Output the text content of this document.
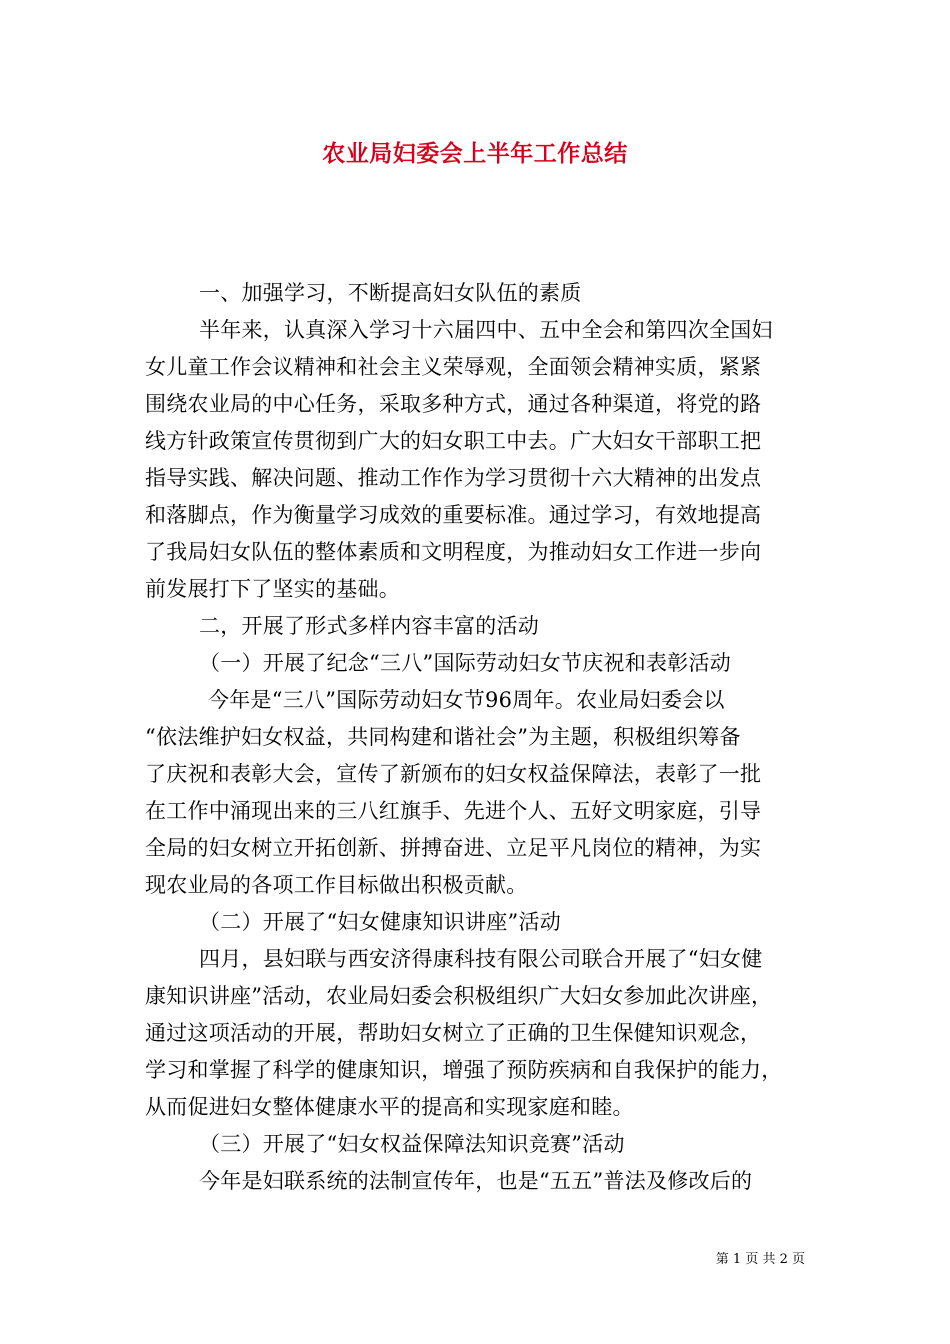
农业局妇委会上半年工作总结
一、加强学习，不断提高妇女队伍的素质
半年来，认真深入学习十六届四中、五中全会和第四次全国妇
女儿童工作会议精神和社会主义荣辱观，全面领会精神实质，紧紧
围绕农业局的中心任务，采取多种方式，通过各种渠道，将党的路
线方针政策宣传贯彻到广大的妇女职工中去。广大妇女干部职工把
指导实践、解决问题、推动工作作为学习贯彻十六大精神的出发点
和落脚点，作为衡量学习成效的重要标准。通过学习，有效地提高
了我局妇女队伍的整体素质和文明程度，为推动妇女工作进一步向
前发展打下了坚实的基础。
二，开展了形式多样内容丰富的活动
（一）开展了纪念“三八”国际劳动妇女节庆祝和表彰活动
今年是“三八”国际劳动妇女节96周年。农业局妇委会以
“依法维护妇女权益，共同构建和谐社会”为主题，积极组织筹备
了庆祝和表彰大会，宣传了新颁布的妇女权益保障法，表彰了一批
在工作中涌现出来的三八红旗手、先进个人、五好文明家庭，引导
全局的妇女树立开拓创新、拼搏奋进、立足平凡岗位的精神，为实
现农业局的各项工作目标做出积极贡献。
（二）开展了“妇女健康知识讲座”活动
四月，县妇联与西安济得康科技有限公司联合开展了“妇女健
康知识讲座”活动，农业局妇委会积极组织广大妇女参加此次讲座，
通过这项活动的开展，帮助妇女树立了正确的卫生保健知识观念，
学习和掌握了科学的健康知识，增强了预防疾病和自我保护的能力，
从而促进妇女整体健康水平的提高和实现家庭和睦。
（三）开展了“妇女权益保障法知识竞赛”活动
今年是妇联系统的法制宣传年，也是“五五”普法及修改后的
第 1 页 共 2 页
